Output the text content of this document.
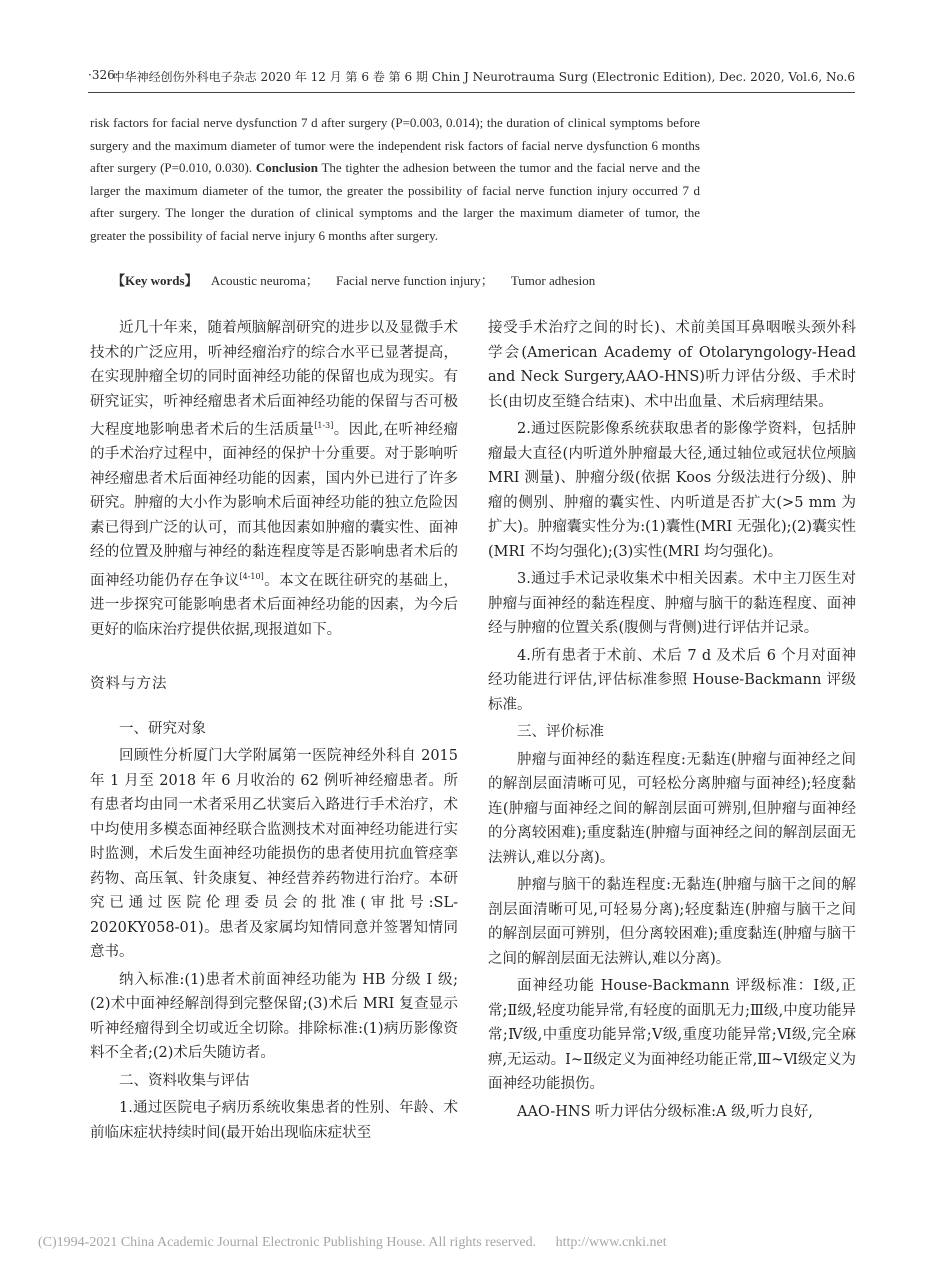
·326·
中华神经创伤外科电子杂志 2020 年 12 月 第 6 卷 第 6 期 Chin J Neurotrauma Surg (Electronic Edition), Dec. 2020, Vol.6, No.6

risk factors for facial nerve dysfunction 7 d after surgery (P=0.003, 0.014); the duration of clinical symptoms before surgery and the maximum diameter of tumor were the independent risk factors of facial nerve dysfunction 6 months after surgery (P=0.010, 0.030). Conclusion The tighter the adhesion between the tumor and the facial nerve and the larger the maximum diameter of the tumor, the greater the possibility of facial nerve function injury occurred 7 d after surgery. The longer the duration of clinical symptoms and the larger the maximum diameter of tumor, the greater the possibility of facial nerve injury 6 months after surgery.

【Key words】 Acoustic neuroma； Facial nerve function injury； Tumor adhesion

近几十年来，随着颅脑解剖研究的进步以及显微手术技术的广泛应用，听神经瘤治疗的综合水平已显著提高，在实现肿瘤全切的同时面神经功能的保留也成为现实。有研究证实，听神经瘤患者术后面神经功能的保留与否可极大程度地影响患者术后的生活质量[1-3]。因此,在听神经瘤的手术治疗过程中，面神经的保护十分重要。对于影响听神经瘤患者术后面神经功能的因素，国内外已进行了许多研究。肿瘤的大小作为影响术后面神经功能的独立危险因素已得到广泛的认可，而其他因素如肿瘤的囊实性、面神经的位置及肿瘤与神经的黏连程度等是否影响患者术后的面神经功能仍存在争议[4-10]。本文在既往研究的基础上，进一步探究可能影响患者术后面神经功能的因素，为今后更好的临床治疗提供依据,现报道如下。

资料与方法

一、研究对象

回顾性分析厦门大学附属第一医院神经外科自 2015 年 1 月至 2018 年 6 月收治的 62 例听神经瘤患者。所有患者均由同一术者采用乙状窦后入路进行手术治疗，术中均使用多模态面神经联合监测技术对面神经功能进行实时监测，术后发生面神经功能损伤的患者使用抗血管痉挛药物、高压氧、针灸康复、神经营养药物进行治疗。本研究已通过医院伦理委员会的批准(审批号:SL-2020KY058-01)。患者及家属均知情同意并签署知情同意书。

纳入标准:(1)患者术前面神经功能为 HB 分级 Ⅰ 级;(2)术中面神经解剖得到完整保留;(3)术后 MRI 复查显示听神经瘤得到全切或近全切除。排除标准:(1)病历影像资料不全者;(2)术后失随访者。

二、资料收集与评估

1.通过医院电子病历系统收集患者的性别、年龄、术前临床症状持续时间(最开始出现临床症状至

接受手术治疗之间的时长)、术前美国耳鼻咽喉头颈外科学会(American Academy of Otolaryngology-Head and Neck Surgery,AAO-HNS)听力评估分级、手术时长(由切皮至缝合结束)、术中出血量、术后病理结果。

2.通过医院影像系统获取患者的影像学资料，包括肿瘤最大直径(内听道外肿瘤最大径,通过轴位或冠状位颅脑 MRI 测量)、肿瘤分级(依据 Koos 分级法进行分级)、肿瘤的侧别、肿瘤的囊实性、内听道是否扩大(>5 mm 为扩大)。肿瘤囊实性分为:(1)囊性(MRI 无强化);(2)囊实性(MRI 不均匀强化);(3)实性(MRI 均匀强化)。

3.通过手术记录收集术中相关因素。术中主刀医生对肿瘤与面神经的黏连程度、肿瘤与脑干的黏连程度、面神经与肿瘤的位置关系(腹侧与背侧)进行评估并记录。

4.所有患者于术前、术后 7 d 及术后 6 个月对面神经功能进行评估,评估标准参照 House-Backmann 评级标准。

三、评价标准

肿瘤与面神经的黏连程度:无黏连(肿瘤与面神经之间的解剖层面清晰可见，可轻松分离肿瘤与面神经);轻度黏连(肿瘤与面神经之间的解剖层面可辨别,但肿瘤与面神经的分离较困难);重度黏连(肿瘤与面神经之间的解剖层面无法辨认,难以分离)。

肿瘤与脑干的黏连程度:无黏连(肿瘤与脑干之间的解剖层面清晰可见,可轻易分离);轻度黏连(肿瘤与脑干之间的解剖层面可辨别，但分离较困难);重度黏连(肿瘤与脑干之间的解剖层面无法辨认,难以分离)。

面神经功能 House-Backmann 评级标准：Ⅰ级,正常;Ⅱ级,轻度功能异常,有轻度的面肌无力;Ⅲ级,中度功能异常;Ⅳ级,中重度功能异常;Ⅴ级,重度功能异常;Ⅵ级,完全麻痹,无运动。Ⅰ~Ⅱ级定义为面神经功能正常,Ⅲ~Ⅵ级定义为面神经功能损伤。

AAO-HNS 听力评估分级标准:A 级,听力良好,

(C)1994-2021 China Academic Journal Electronic Publishing House. All rights reserved. http://www.cnki.net
